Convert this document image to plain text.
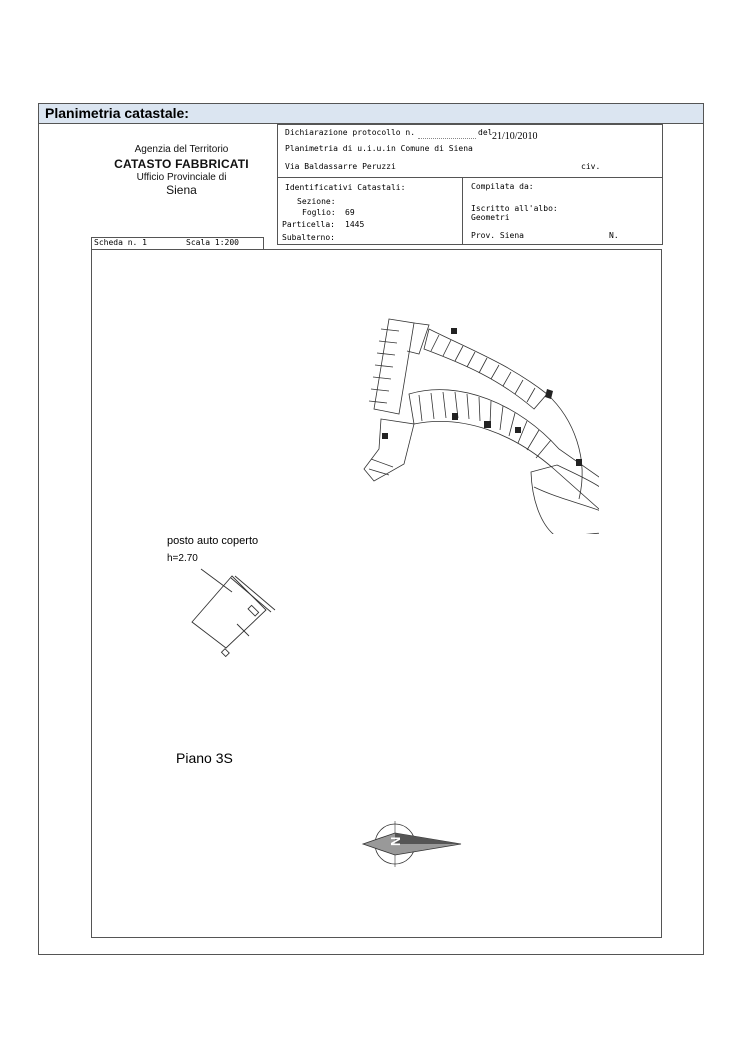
Planimetria catastale:
Agenzia del Territorio
CATASTO FABBRICATI
Ufficio Provinciale di
Siena
Dichiarazione protocollo n.	del 21/10/2010
Planimetria di u.i.u.in Comune di Siena
Via Baldassarre Peruzzi	civ.
Identificativi Catastali:
Sezione:
Foglio: 69
Particella: 1445
Subalterno:
Compilata da:
Iscritto all'albo:
Geometri
Prov. Siena	N.
Scheda n. 1	Scala 1:200
posto auto coperto
h=2.70
Piano 3S
N
